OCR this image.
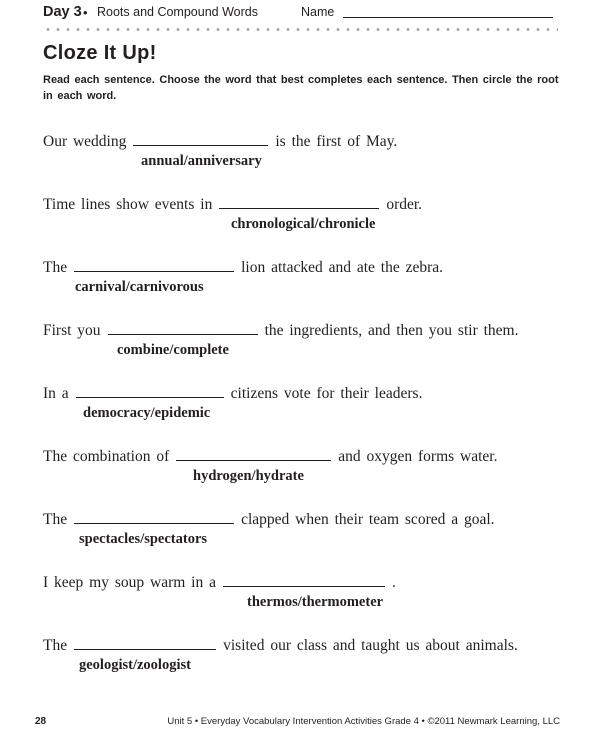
Day 3 • Roots and Compound Words	Name
Cloze It Up!

Read each sentence. Choose the word that best completes each sentence. Then circle the root in each word.

Our wedding	is the first of May.
annual/anniversary
Time lines show events in	order.
chronological/chronicle
The	lion attacked and ate the zebra.
carnival/carnivorous
First you	the ingredients, and then you stir them.
combine/complete
In a	citizens vote for their leaders.
democracy/epidemic
The combination of	and oxygen forms water.
hydrogen/hydrate
The	clapped when their team scored a goal.
spectacles/spectators
I keep my soup warm in a	.
thermos/thermometer
The	visited our class and taught us about animals.
geologist/zoologist
28	Unit 5 • Everyday Vocabulary Intervention Activities Grade 4 • ©2011 Newmark Learning, LLC
